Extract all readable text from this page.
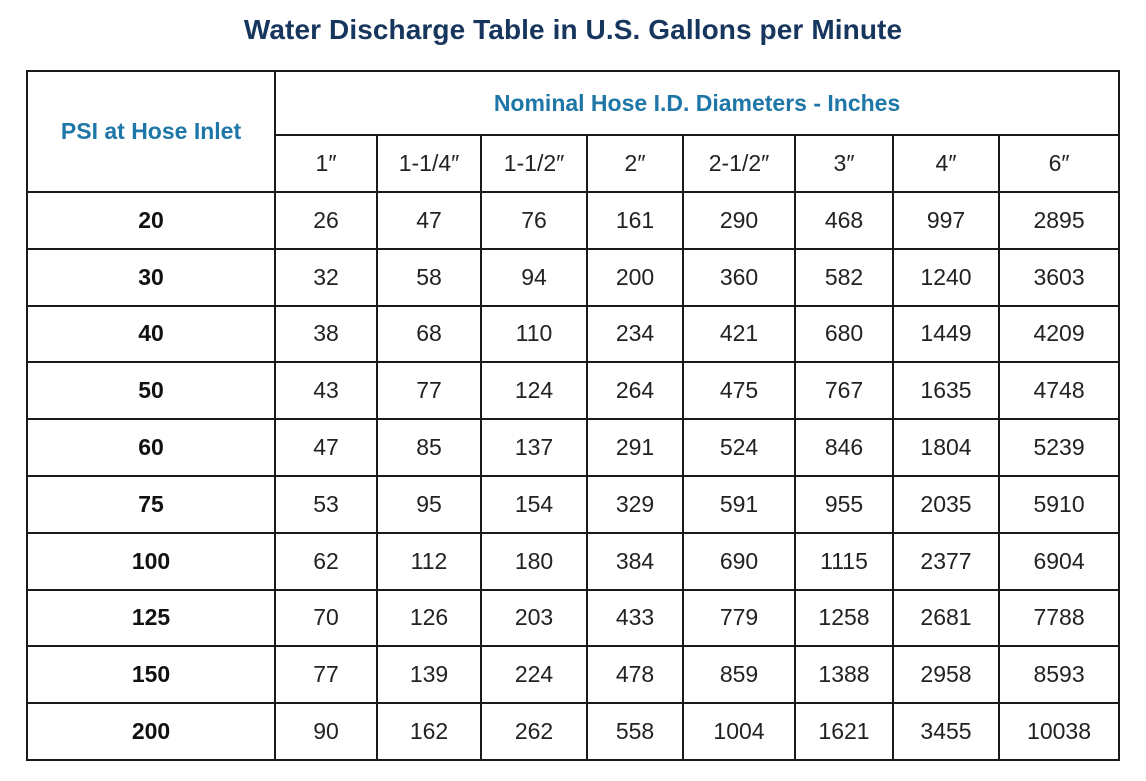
Water Discharge Table in U.S. Gallons per Minute
PSI at Hose Inlet	Nominal Hose I.D. Diameters - Inches							
	1″	1-1/4″	1-1/2″	2″	2-1/2″	3″	4″	6″
20	26	47	76	161	290	468	997	2895
30	32	58	94	200	360	582	1240	3603
40	38	68	110	234	421	680	1449	4209
50	43	77	124	264	475	767	1635	4748
60	47	85	137	291	524	846	1804	5239
75	53	95	154	329	591	955	2035	5910
100	62	112	180	384	690	1115	2377	6904
125	70	126	203	433	779	1258	2681	7788
150	77	139	224	478	859	1388	2958	8593
200	90	162	262	558	1004	1621	3455	10038
